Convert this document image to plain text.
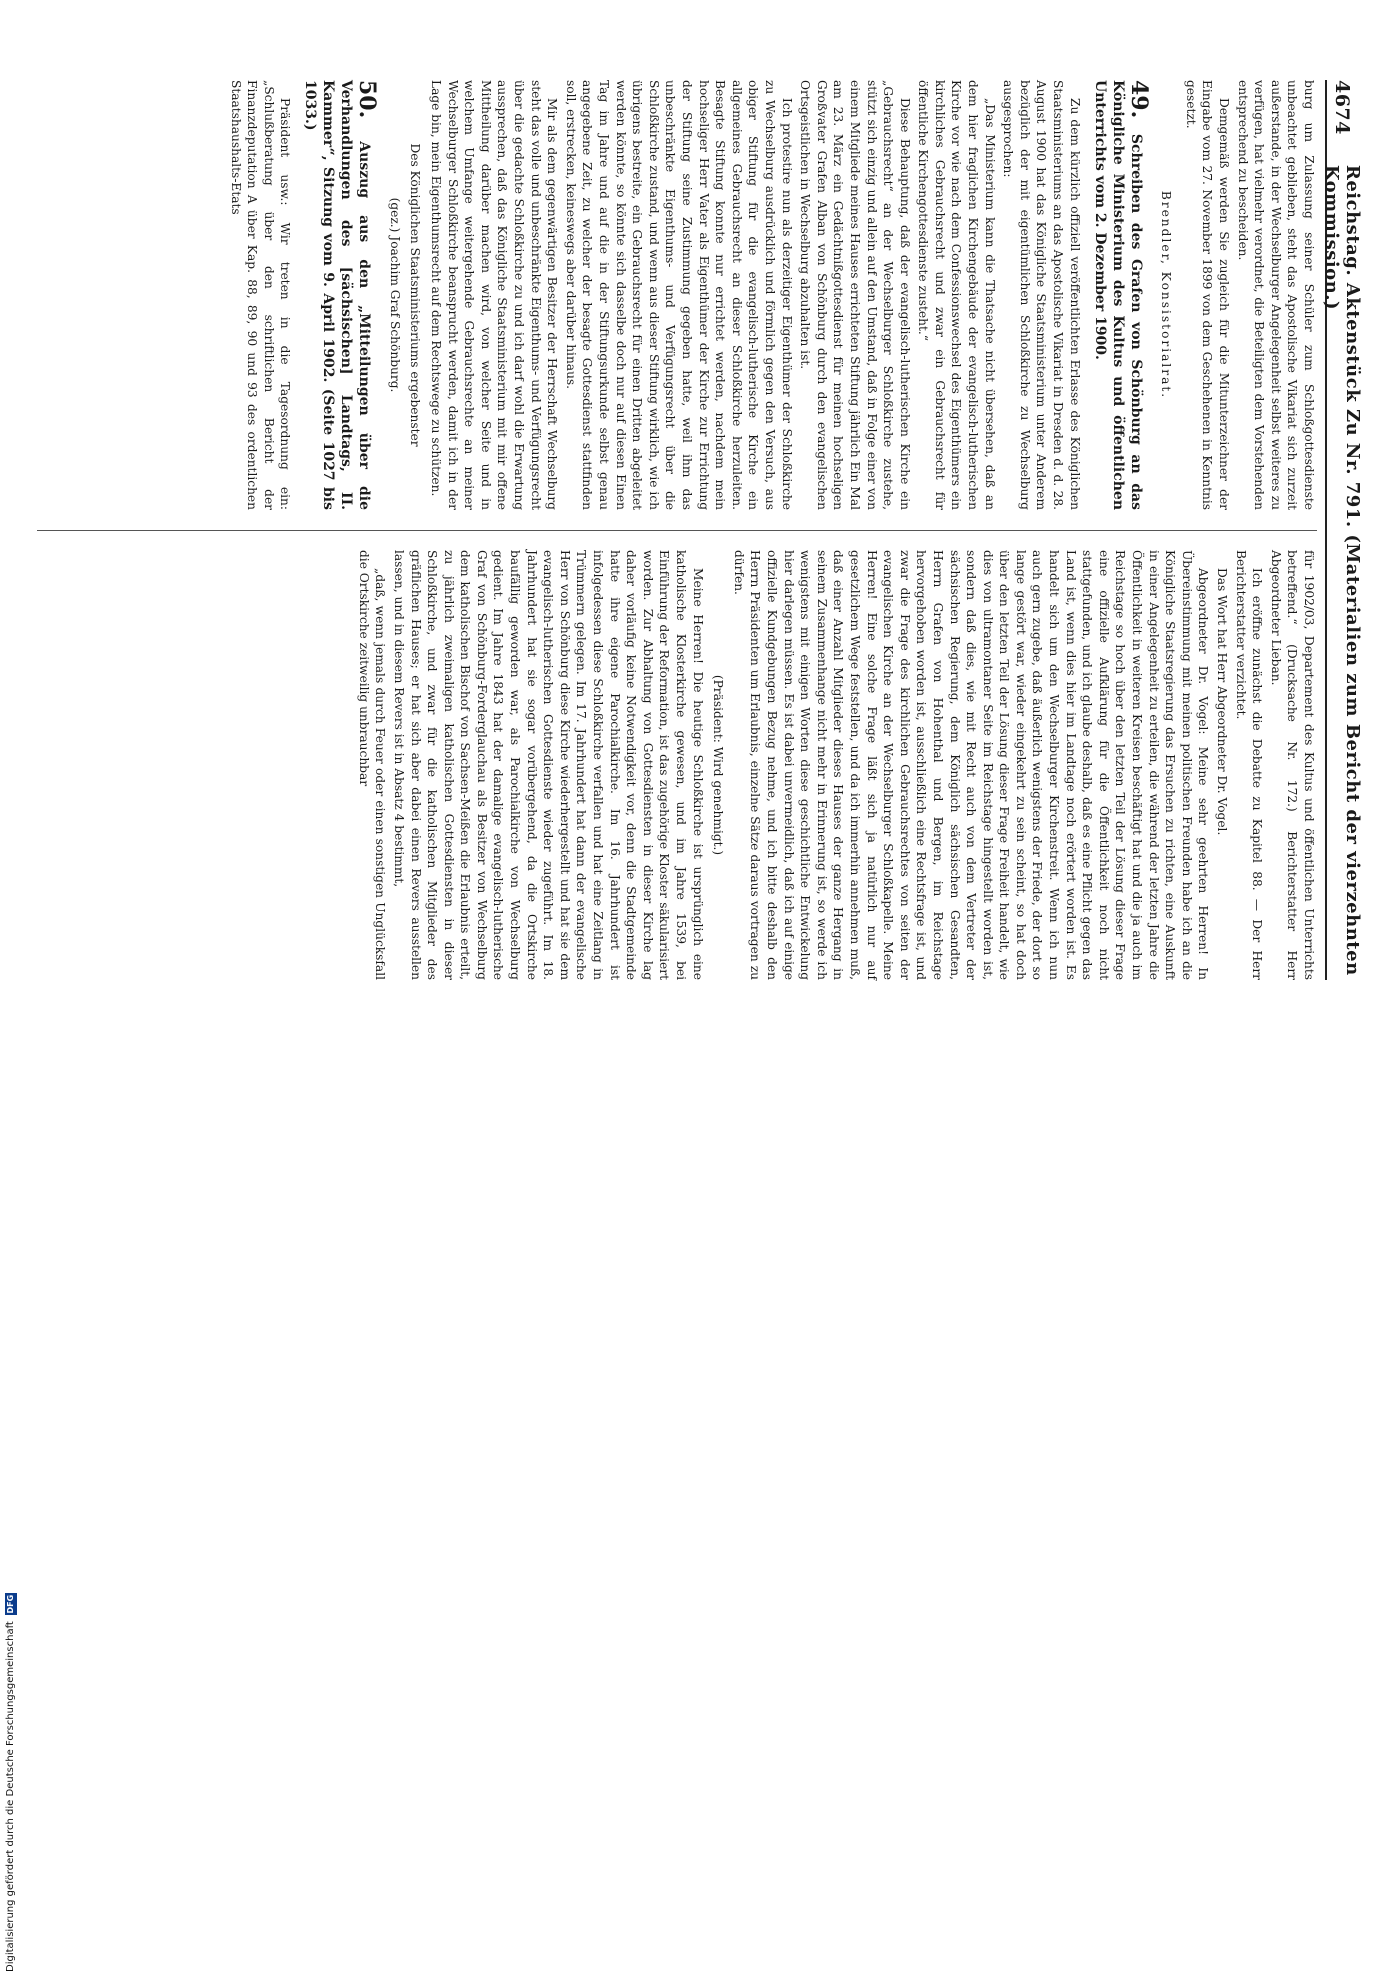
4674
Reichstag. Aktenstück Zu Nr. 791. (Materialien zum Bericht der vierzehnten Kommission.)

burg um Zulassung seiner Schüler zum Schloßgottesdienste unbeachtet geblieben, steht das Apostolische Vikariat sich zurzeit außerstande, in der Wechselburger Angelegenheit selbst weiteres zu verfügen, hat vielmehr verordnet, die Beteiligten dem Vorstehenden entsprechend zu bescheiden.

Demgemäß werden Sie zugleich für die Mitunterzeichner der Eingabe vom 27. November 1899 von dem Geschehenen in Kenntnis gesetzt.

Brendler, Konsistorialrat.

49. Schreiben des Grafen von Schönburg an das Königliche Ministerium des Kultus und öffentlichen Unterrichts vom 2. Dezember 1900.

Zu dem kürzlich offiziell veröffentlichten Erlasse des Königlichen Staatsministeriums an das Apostolische Vikariat in Dresden d. d. 28. August 1900 hat das Königliche Staatsministerium unter Anderem bezüglich der mit eigentümlichen Schloßkirche zu Wechselburg ausgesprochen:

„Das Ministerium kann die Thatsache nicht übersehen, daß an dem hier fraglichen Kirchengebäude der evangelisch-lutherischen Kirche vor wie nach dem Confessionswechsel des Eigenthümers ein kirchliches Gebrauchsrecht und zwar ein Gebrauchsrecht für öffentliche Kirchengottesdienste zusteht.“

Diese Behauptung, daß der evangelisch-lutherischen Kirche ein „Gebrauchsrecht“ an der Wechselburger Schloßkirche zustehe, stützt sich einzig und allein auf den Umstand, daß in Folge einer von einem Mitgliede meines Hauses errichteten Stiftung jährlich Ein Mal am 23. März ein Gedächtnißgottesdienst für meinen hochseligen Großvater Grafen Alban von Schönburg durch den evangelischen Ortsgeistlichen in Wechselburg abzuhalten ist.

Ich protestire nun als derzeitiger Eigenthümer der Schloßkirche zu Wechselburg ausdrücklich und förmlich gegen den Versuch, aus obiger Stiftung für die evangelisch-lutherische Kirche ein allgemeines Gebrauchsrecht an dieser Schloßkirche herzuleiten. Besagte Stiftung konnte nur errichtet werden, nachdem mein hochseliger Herr Vater als Eigenthümer der Kirche zur Errichtung der Stiftung seine Zustimmung gegeben hatte, weil ihm das unbeschränkte Eigenthums- und Verfügungsrecht über die Schloßkirche zustand, und wenn aus dieser Stiftung wirklich, wie ich übrigens bestreite, ein Gebrauchsrecht für einen Dritten abgeleitet werden könnte, so könnte sich dasselbe doch nur auf diesen Einen Tag im Jahre und auf die in der Stiftungsurkunde selbst genau angegebene Zeit, zu welcher der besagte Gottesdienst stattfinden soll, erstrecken, keineswegs aber darüber hinaus.

Mir als dem gegenwärtigen Besitzer der Herrschaft Wechselburg steht das volle und unbeschränkte Eigenthums- und Verfügungsrecht über die gedachte Schloßkirche zu und ich darf wohl die Erwartung aussprechen, daß das Königliche Staatsministerium mit mir offene Mittheilung darüber machen wird, von welcher Seite und in welchem Umfange weitergehende Gebrauchsrechte an meiner Wechselburger Schloßkirche beansprucht werden, damit ich in der Lage bin, mein Eigenthumsrecht auf dem Rechtswege zu schützen.

Des Königlichen Staatsministeriums ergebenster

(gez.) Joachim Graf Schönburg.

50. Auszug aus den „Mitteilungen über die Verhandlungen des [sächsischen] Landtags, II. Kammer“, Sitzung vom 9. April 1902. (Seite 1027 bis 1033.)

Präsident usw.: Wir treten in die Tagesordnung ein: „Schlußberatung über den schriftlichen Bericht der Finanzdeputation A über Kap. 88, 89, 90 und 93 des ordentlichen Staatshaushalts-Etats

für 1902/03, Departement des Kultus und öffentlichen Unterrichts betreffend.“ (Drucksache Nr. 172.) Berichterstatter Herr Abgeordneter Lieban.

Ich eröffne zunächst die Debatte zu Kapitel 88. — Der Herr Berichterstatter verzichtet.

Das Wort hat Herr Abgeordneter Dr. Vogel.

Abgeordneter Dr. Vogel: Meine sehr geehrten Herren! In Übereinstimmung mit meinen politischen Freunden habe ich an die Königliche Staatsregierung das Ersuchen zu richten, eine Auskunft in einer Angelegenheit zu erteilen, die während der letzten Jahre die Öffentlichkeit in weiteren Kreisen beschäftigt hat und die ja auch im Reichstage so hoch über den letzten Teil der Lösung dieser Frage eine offizielle Aufklärung für die Öffentlichkeit noch nicht stattgefunden, und ich glaube deshalb, daß es eine Pflicht gegen das Land ist, wenn dies hier im Landtage noch erörtert worden ist. Es handelt sich um den Wechselburger Kirchenstreit. Wenn ich nun auch gern zugebe, daß äußerlich wenigstens der Friede, der dort so lange gestört war, wieder eingekehrt zu sein scheint, so hat doch über den letzten Teil der Lösung dieser Frage Freiheit handelt, wie dies von ultramontaner Seite im Reichstage hingestellt worden ist, sondern daß dies, wie mit Recht auch von dem Vertreter der sächsischen Regierung, dem Königlich sächsischen Gesandten, Herrn Grafen von Hohenthal und Bergen, im Reichstage hervorgehoben worden ist, ausschließlich eine Rechtsfrage ist, und zwar die Frage des kirchlichen Gebrauchsrechtes von seiten der evangelischen Kirche an der Wechselburger Schloßkapelle. Meine Herren! Eine solche Frage läßt sich ja natürlich nur auf gesetzlichem Wege feststellen, und da ich immerhin annehmen muß, daß einer Anzahl Mitglieder dieses Hauses der ganze Hergang in seinem Zusammenhange nicht mehr in Erinnerung ist, so werde ich wenigstens mit einigen Worten diese geschichtliche Entwickelung hier darlegen müssen. Es ist dabei unvermeidlich, daß ich auf einige offizielle Kundgebungen Bezug nehme, und ich bitte deshalb den Herrn Präsidenten um Erlaubnis, einzelne Sätze daraus vortragen zu dürfen.

(Präsident: Wird genehmigt.)

Meine Herren! Die heutige Schloßkirche ist ursprünglich eine katholische Klosterkirche gewesen, und im Jahre 1539, bei Einführung der Reformation, ist das zugehörige Kloster säkularisiert worden. Zur Abhaltung von Gottesdiensten in dieser Kirche lag daher vorläufig keine Notwendigkeit vor, denn die Stadtgemeinde hatte ihre eigene Parochialkirche. Im 16. Jahrhundert ist infolgedessen diese Schloßkirche verfallen und hat eine Zeitlang in Trümmern gelegen. Im 17. Jahrhundert hat dann der evangelische Herr von Schönburg diese Kirche wiederhergestellt und hat sie dem evangelisch-lutherischen Gottesdienste wieder zugeführt. Im 18. Jahrhundert hat sie sogar vorübergehend, da die Ortskirche baufällig geworden war, als Parochialkirche von Wechselburg gedient. Im Jahre 1843 hat der damalige evangelisch-lutherische Graf von Schönburg-Forderglauchau als Besitzer von Wechselburg dem katholischen Bischof von Sachsen-Meißen die Erlaubnis erteilt, zu jährlich zweimaligen katholischen Gottesdiensten in dieser Schloßkirche, und zwar für die katholischen Mitglieder des gräflichen Hauses; er hat sich aber dabei einen Revers ausstellen lassen, und in diesem Revers ist in Absatz 4 bestimmt,

„daß, wenn jemals durch Feuer oder einen sonstigen Unglücksfall die Ortskirche zeitweilig unbrauchbar

Digitalisierung gefördert durch die Deutsche Forschungsgemeinschaft
DFG
